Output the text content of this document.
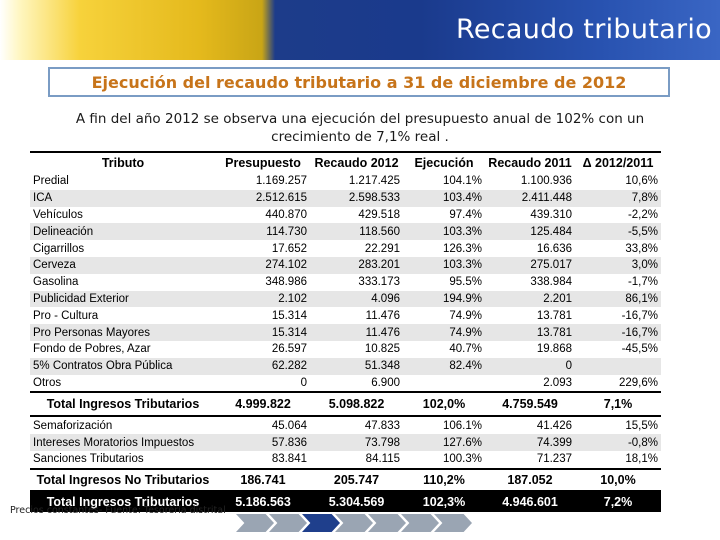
Recaudo tributario
Ejecución del recaudo tributario a 31 de diciembre de 2012
A fin del año 2012 se observa una ejecución del presupuesto anual de 102% con un crecimiento de 7,1% real .
Tributo	Presupuesto	Recaudo 2012	Ejecución	Recaudo 2011	Δ 2012/2011
Predial	1.169.257	1.217.425	104.1%	1.100.936	10,6%
ICA	2.512.615	2.598.533	103.4%	2.411.448	7,8%
Vehículos	440.870	429.518	97.4%	439.310	-2,2%
Delineación	114.730	118.560	103.3%	125.484	-5,5%
Cigarrillos	17.652	22.291	126.3%	16.636	33,8%
Cerveza	274.102	283.201	103.3%	275.017	3,0%
Gasolina	348.986	333.173	95.5%	338.984	-1,7%
Publicidad Exterior	2.102	4.096	194.9%	2.201	86,1%
Pro - Cultura	15.314	11.476	74.9%	13.781	-16,7%
Pro Personas Mayores	15.314	11.476	74.9%	13.781	-16,7%
Fondo de Pobres, Azar	26.597	10.825	40.7%	19.868	-45,5%
5% Contratos Obra Pública	62.282	51.348	82.4%	0	
Otros	0	6.900		2.093	229,6%
Total Ingresos Tributarios	4.999.822	5.098.822	102,0%	4.759.549	7,1%
Semaforización	45.064	47.833	106.1%	41.426	15,5%
Intereses Moratorios Impuestos	57.836	73.798	127.6%	74.399	-0,8%
Sanciones Tributarios	83.841	84.115	100.3%	71.237	18,1%
Total Ingresos No Tributarios	186.741	205.747	110,2%	187.052	10,0%
Total Ingresos Tributarios	5.186.563	5.304.569	102,3%	4.946.601	7,2%
Precios constantes- Fuente: Tesorería distrital
